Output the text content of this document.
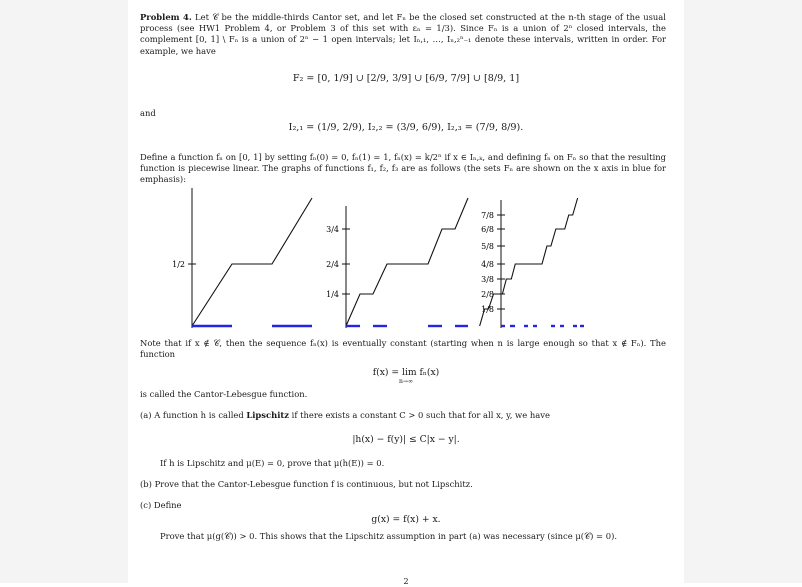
Problem 4. Let 𝒞 be the middle-thirds Cantor set, and let Fₙ be the closed set constructed at the n-th stage of the usual process (see HW1 Problem 4, or Problem 3 of this set with εₙ = 1/3). Since Fₙ is a union of 2ⁿ closed intervals, the complement [0, 1] \ Fₙ is a union of 2ⁿ − 1 open intervals; let Iₙ,₁, …, Iₙ,₂ⁿ₋₁ denote these intervals, written in order. For example, we have
F₂ = [0, 1/9] ∪ [2/9, 3/9] ∪ [6/9, 7/9] ∪ [8/9, 1]
and
I₂,₁ = (1/9, 2/9), I₂,₂ = (3/9, 6/9), I₂,₃ = (7/9, 8/9).
Define a function fₙ on [0, 1] by setting fₙ(0) = 0, fₙ(1) = 1, fₙ(x) = k/2ⁿ if x ∈ Iₙ,ₖ, and defining fₙ on Fₙ so that the resulting function is piecewise linear. The graphs of functions f₁, f₂, f₃ are as follows (the sets Fₙ are shown on the x axis in blue for emphasis):
1/2
3/4
2/4
1/4
7/8
6/8
5/8
4/8
3/8
2/8
1/8
Note that if x ∉ 𝒞, then the sequence fₙ(x) is eventually constant (starting when n is large enough so that x ∉ Fₙ). The function
f(x) = lim fₙ(x)
n→∞
is called the Cantor-Lebesgue function.
(a) A function h is called Lipschitz if there exists a constant C > 0 such that for all x, y, we have
|h(x) − f(y)| ≤ C|x − y|.
If h is Lipschitz and μ(E) = 0, prove that μ(h(E)) = 0.
(b) Prove that the Cantor-Lebesgue function f is continuous, but not Lipschitz.
(c) Define
g(x) = f(x) + x.
Prove that μ(g(𝒞)) > 0. This shows that the Lipschitz assumption in part (a) was necessary (since μ(𝒞) = 0).
2
